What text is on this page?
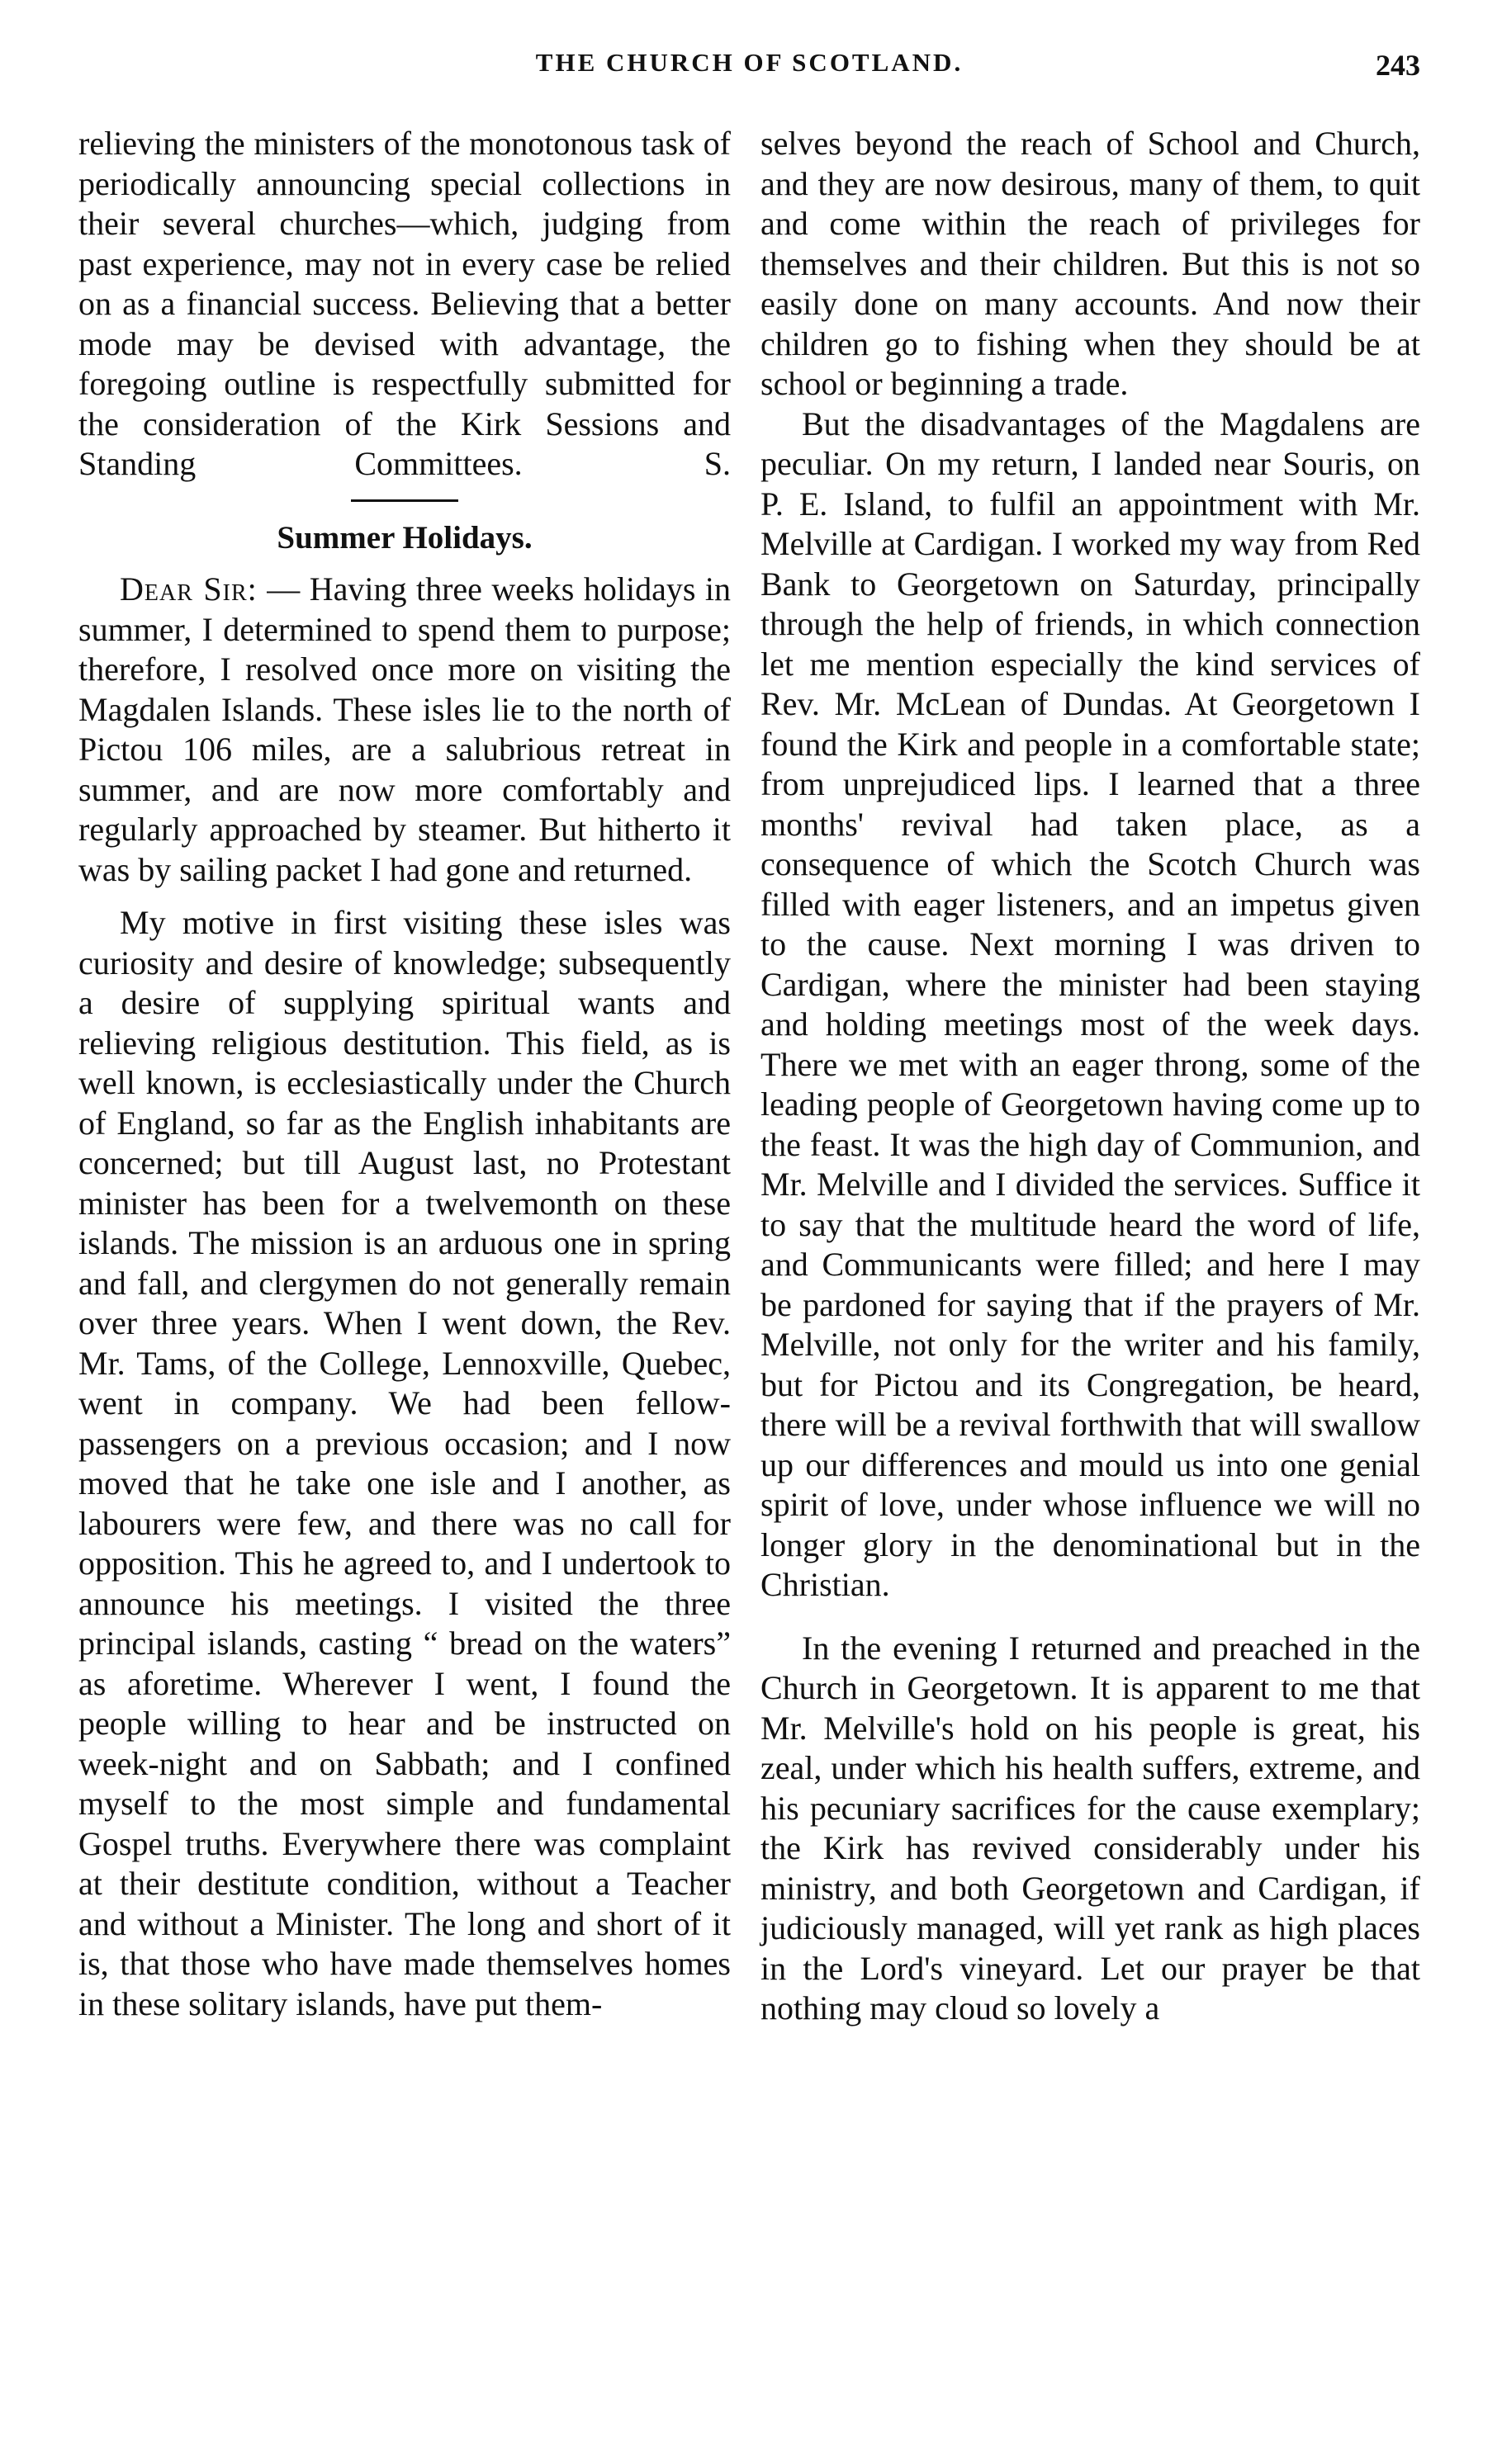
THE CHURCH OF SCOTLAND.	243

relieving the ministers of the monotonous task of periodically announcing special collections in their several churches—which, judging from past experience, may not in every case be relied on as a financial success. Believing that a better mode may be devised with advantage, the foregoing outline is respectfully submitted for the consideration of the Kirk Sessions and Standing Committees.	S.

Summer Holidays.

Dear Sir: — Having three weeks holidays in summer, I determined to spend them to purpose; therefore, I resolved once more on visiting the Magdalen Islands. These isles lie to the north of Pictou 106 miles, are a salubrious retreat in summer, and are now more comfortably and regularly approached by steamer. But hitherto it was by sailing packet I had gone and returned.

My motive in first visiting these isles was curiosity and desire of knowledge; subsequently a desire of supplying spiritual wants and relieving religious destitution. This field, as is well known, is ecclesiastically under the Church of England, so far as the English inhabitants are concerned; but till August last, no Protestant minister has been for a twelvemonth on these islands. The mission is an arduous one in spring and fall, and clergymen do not generally remain over three years. When I went down, the Rev. Mr. Tams, of the College, Lennoxville, Quebec, went in company. We had been fellow-passengers on a previous occasion; and I now moved that he take one isle and I another, as labourers were few, and there was no call for opposition. This he agreed to, and I undertook to announce his meetings. I visited the three principal islands, casting “ bread on the waters” as aforetime. Wherever I went, I found the people willing to hear and be instructed on week-night and on Sabbath; and I confined myself to the most simple and fundamental Gospel truths. Everywhere there was complaint at their destitute condition, without a Teacher and without a Minister. The long and short of it is, that those who have made themselves homes in these solitary islands, have put them-

selves beyond the reach of School and Church, and they are now desirous, many of them, to quit and come within the reach of privileges for themselves and their children. But this is not so easily done on many accounts. And now their children go to fishing when they should be at school or beginning a trade.

But the disadvantages of the Magdalens are peculiar. On my return, I landed near Souris, on P. E. Island, to fulfil an appointment with Mr. Melville at Cardigan. I worked my way from Red Bank to Georgetown on Saturday, principally through the help of friends, in which connection let me mention especially the kind services of Rev. Mr. McLean of Dundas. At Georgetown I found the Kirk and people in a comfortable state; from unprejudiced lips. I learned that a three months' revival had taken place, as a consequence of which the Scotch Church was filled with eager listeners, and an impetus given to the cause. Next morning I was driven to Cardigan, where the minister had been staying and holding meetings most of the week days. There we met with an eager throng, some of the leading people of Georgetown having come up to the feast. It was the high day of Communion, and Mr. Melville and I divided the services. Suffice it to say that the multitude heard the word of life, and Communicants were filled; and here I may be pardoned for saying that if the prayers of Mr. Melville, not only for the writer and his family, but for Pictou and its Congregation, be heard, there will be a revival forthwith that will swallow up our differences and mould us into one genial spirit of love, under whose influence we will no longer glory in the denominational but in the Christian.

In the evening I returned and preached in the Church in Georgetown. It is apparent to me that Mr. Melville's hold on his people is great, his zeal, under which his health suffers, extreme, and his pecuniary sacrifices for the cause exemplary; the Kirk has revived considerably under his ministry, and both Georgetown and Cardigan, if judiciously managed, will yet rank as high places in the Lord's vineyard. Let our prayer be that nothing may cloud so lovely a
